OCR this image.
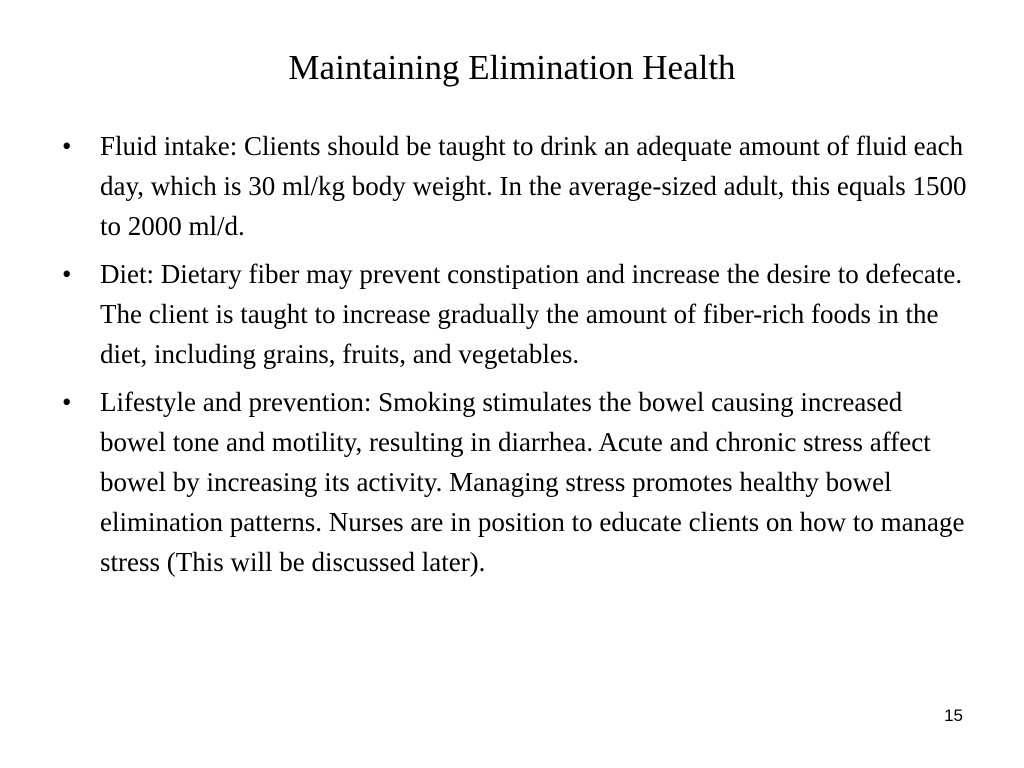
Maintaining Elimination Health
• Fluid intake: Clients should be taught to drink an adequate amount of fluid each day, which is 30 ml/kg body weight. In the average-sized adult, this equals 1500 to 2000 ml/d.
• Diet: Dietary fiber may prevent constipation and increase the desire to defecate. The client is taught to increase gradually the amount of fiber-rich foods in the diet, including grains, fruits, and vegetables.
• Lifestyle and prevention: Smoking stimulates the bowel causing increased bowel tone and motility, resulting in diarrhea. Acute and chronic stress affect bowel by increasing its activity. Managing stress promotes healthy bowel elimination patterns. Nurses are in position to educate clients on how to manage stress (This will be discussed later).
15
